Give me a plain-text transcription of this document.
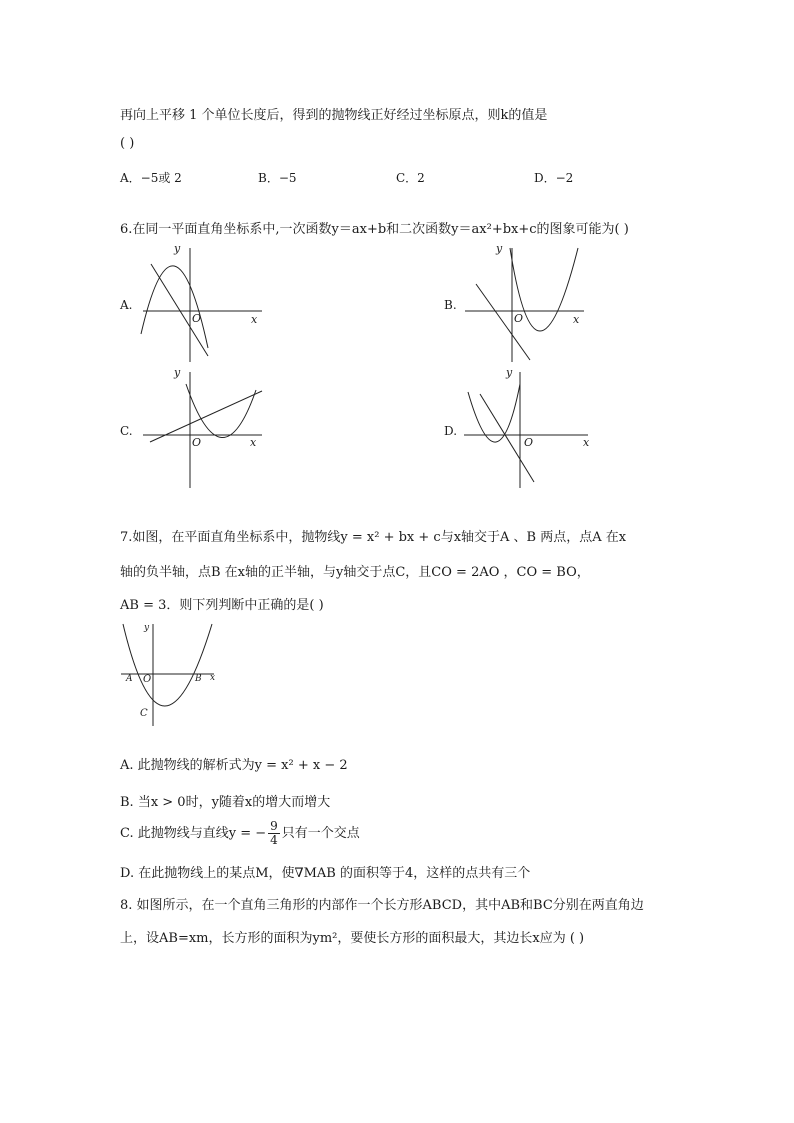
再向上平移 1 个单位长度后，得到的抛物线正好经过坐标原点，则k的值是
( )
A．−5或 2	B．−5	C．2	D．−2
6.在同一平面直角坐标系中,一次函数y＝ax+b和二次函数y＝ax²+bx+c的图象可能为( )
A.	B.
C.	D.
y
x
O
y
x
O
y
x
O
y
x
O
7.如图，在平面直角坐标系中，抛物线y = x² + bx + c与x轴交于A 、B 两点，点A 在x
轴的负半轴，点B 在x轴的正半轴，与y轴交于点C，且CO = 2AO ，CO = BO，
AB = 3．则下列判断中正确的是( )
y
x
A O	B
C
A. 此抛物线的解析式为y = x² + x − 2
B. 当x > 0时，y随着x的增大而增大
C. 此抛物线与直线y = − $\frac{9}{4}$ 只有一个交点
D. 在此抛物线上的某点M，使∇MAB 的面积等于4，这样的点共有三个
8. 如图所示，在一个直角三角形的内部作一个长方形ABCD，其中AB和BC分别在两直角边
上，设AB=xm，长方形的面积为ym²，要使长方形的面积最大，其边长x应为 ( )
